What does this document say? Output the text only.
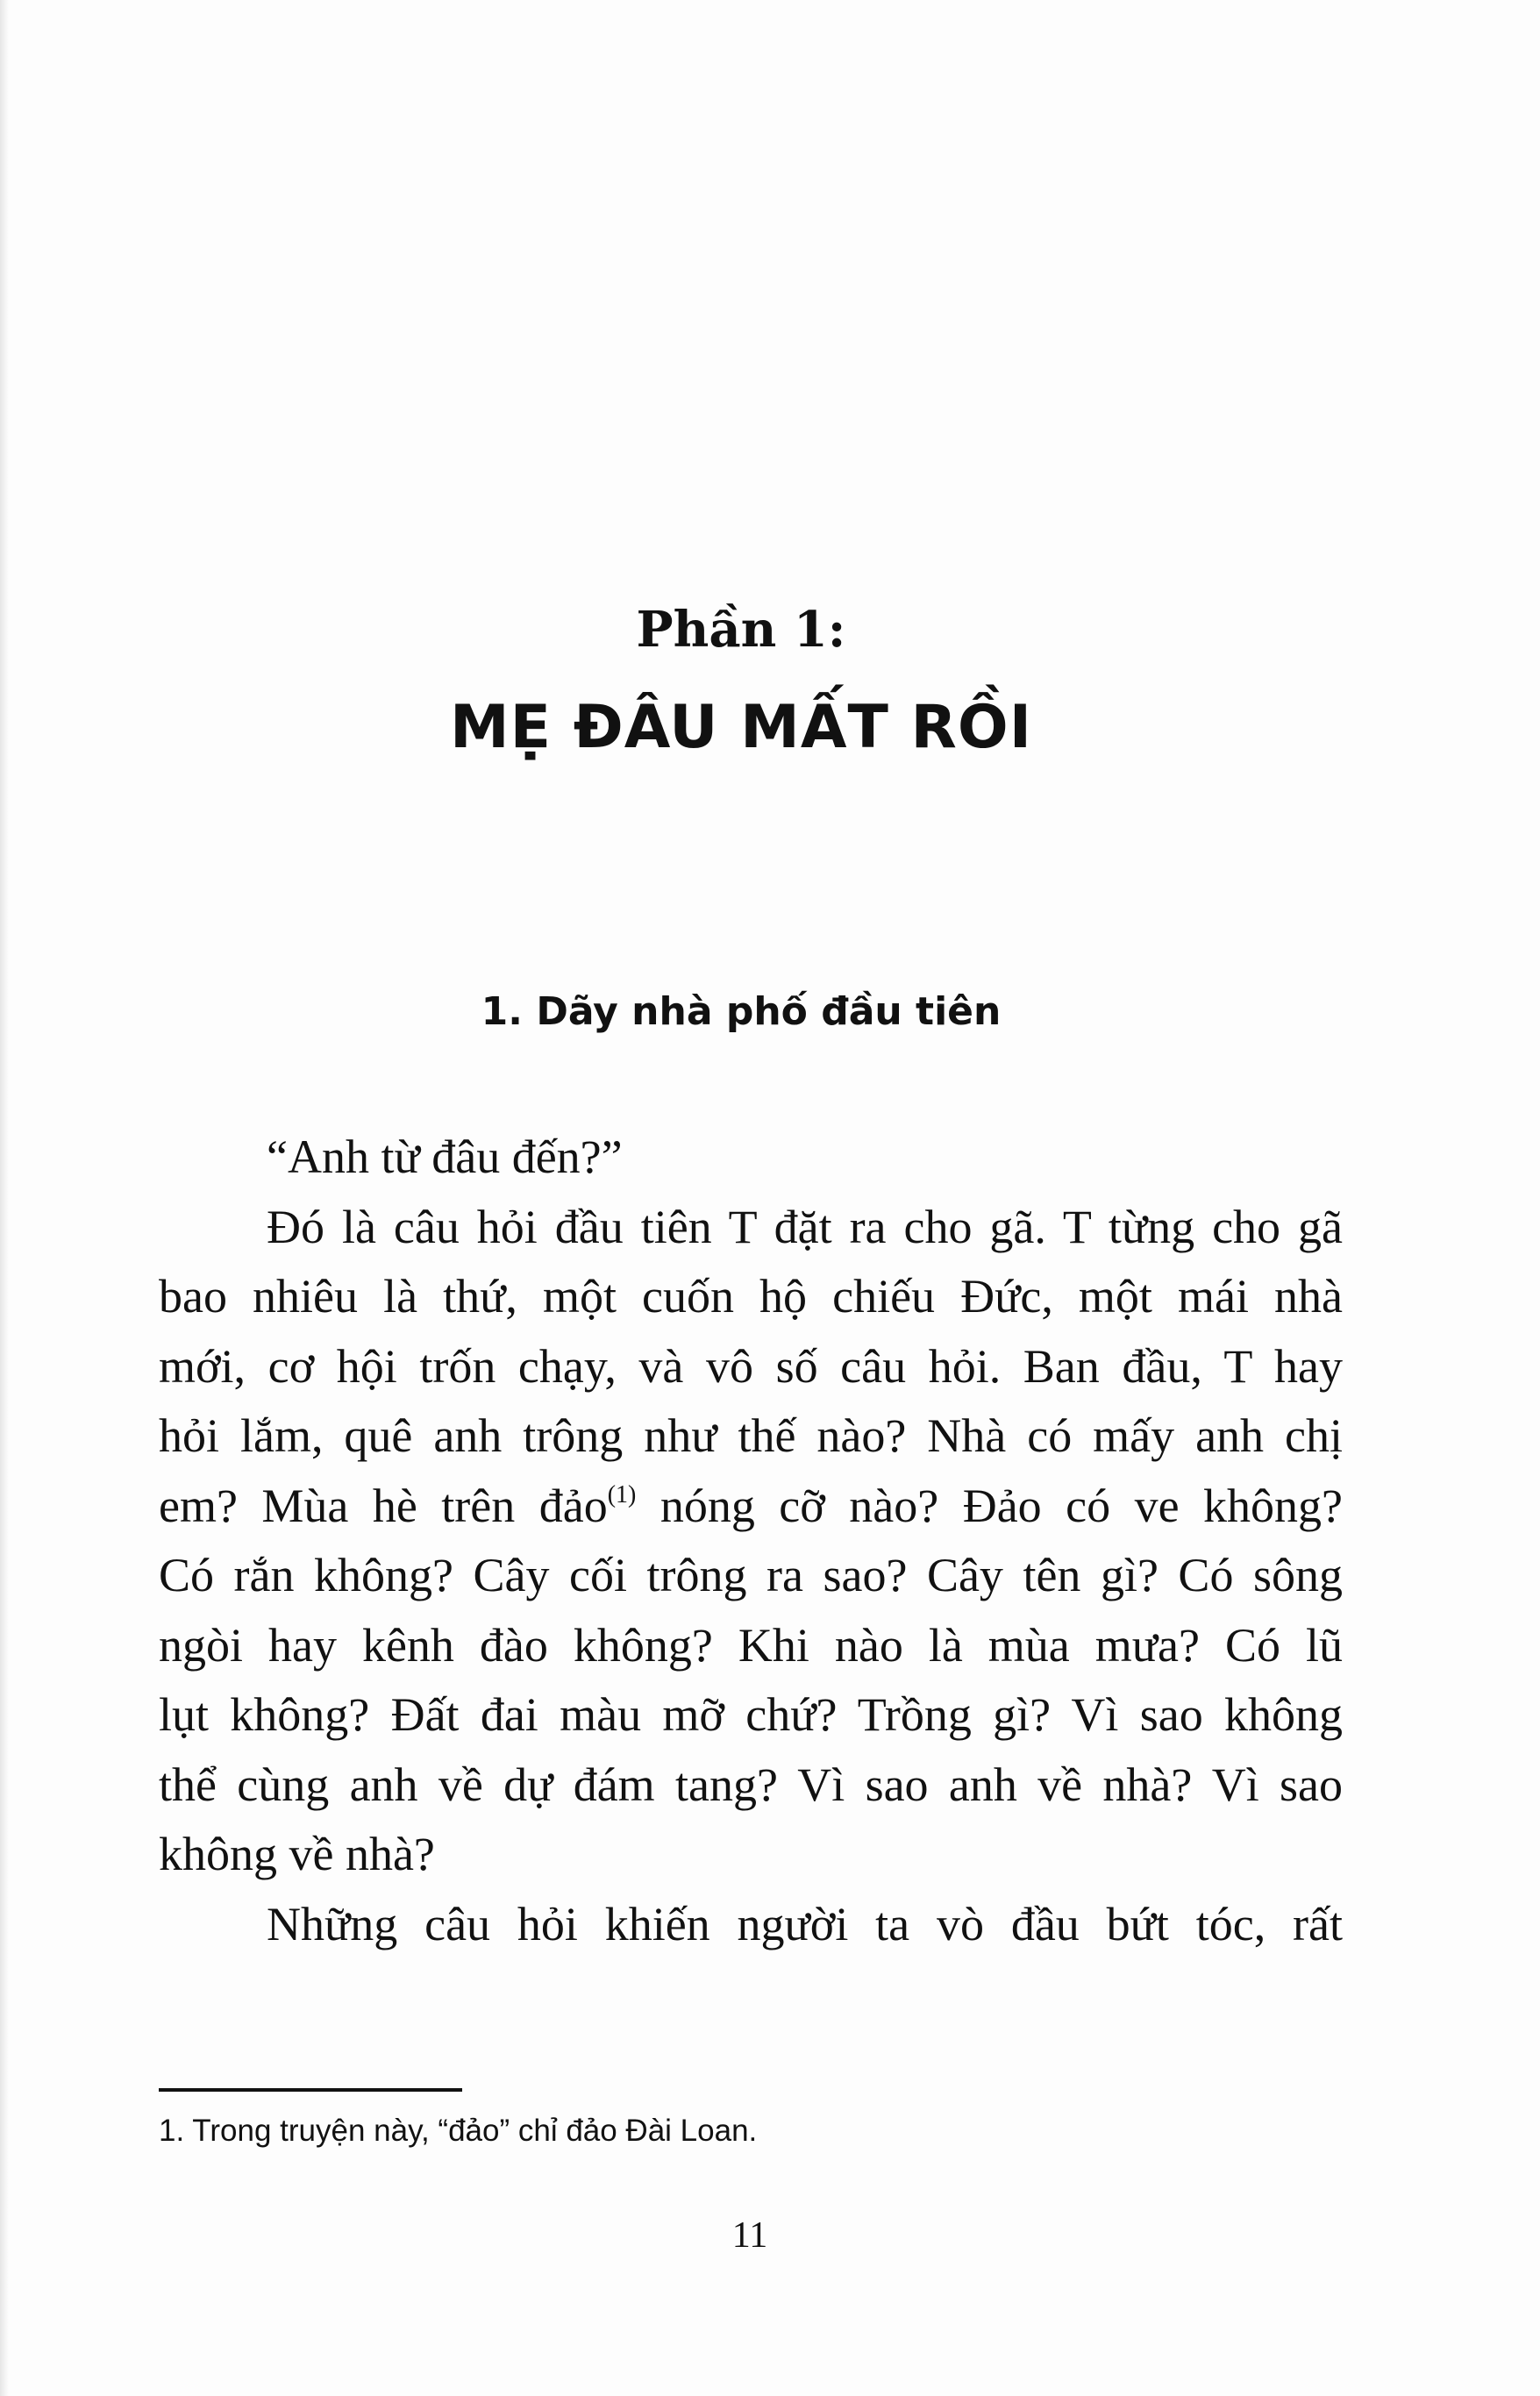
Phần 1:
MẸ ĐÂU MẤT RỒI
1. Dãy nhà phố đầu tiên
“Anh từ đâu đến?”
Đó là câu hỏi đầu tiên T đặt ra cho gã. T từng cho gã
bao nhiêu là thứ, một cuốn hộ chiếu Đức, một mái nhà
mới, cơ hội trốn chạy, và vô số câu hỏi. Ban đầu, T hay
hỏi lắm, quê anh trông như thế nào? Nhà có mấy anh chị
em? Mùa hè trên đảo$^{(1)}$ nóng cỡ nào? Đảo có ve không?
Có rắn không? Cây cối trông ra sao? Cây tên gì? Có sông
ngòi hay kênh đào không? Khi nào là mùa mưa? Có lũ
lụt không? Đất đai màu mỡ chứ? Trồng gì? Vì sao không
thể cùng anh về dự đám tang? Vì sao anh về nhà? Vì sao
không về nhà?
Những câu hỏi khiến người ta vò đầu bứt tóc, rất
1. Trong truyện này, “đảo” chỉ đảo Đài Loan.
11
